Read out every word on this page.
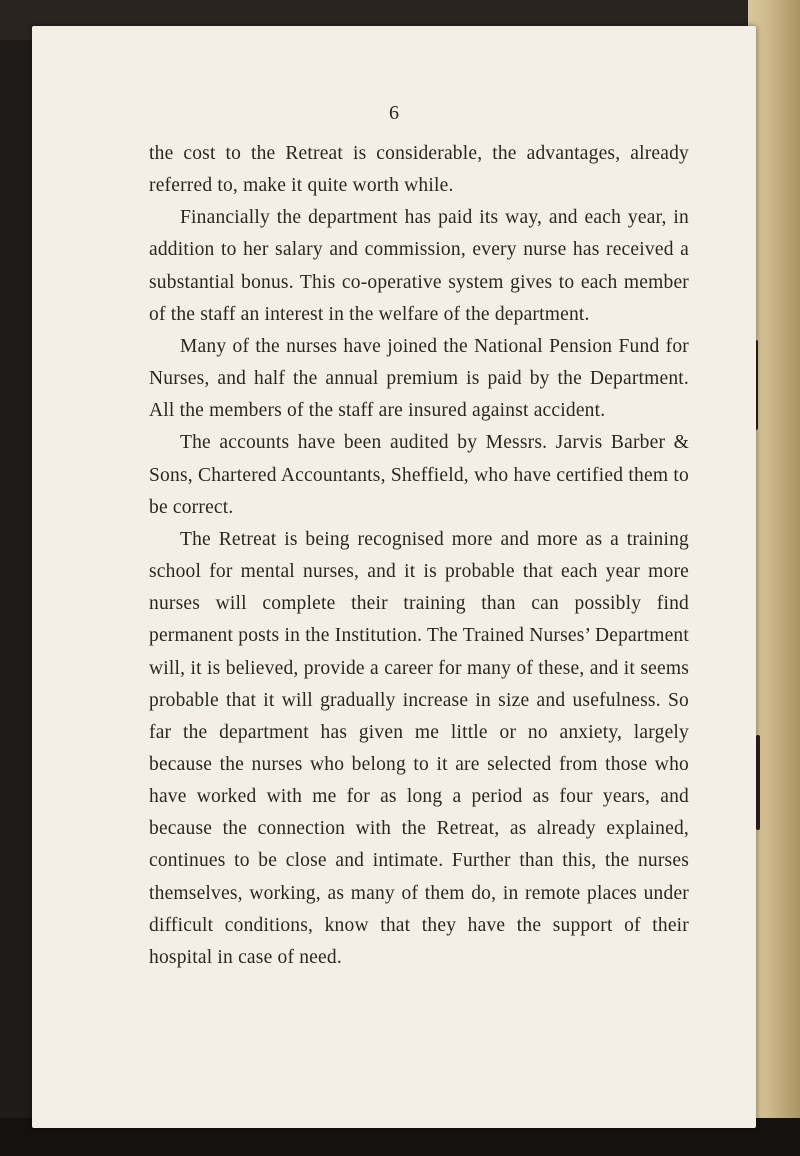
6

the cost to the Retreat is considerable, the advantages, already referred to, make it quite worth while.

Financially the department has paid its way, and each year, in addition to her salary and commission, every nurse has received a substantial bonus. This co-operative system gives to each member of the staff an interest in the welfare of the department.

Many of the nurses have joined the National Pension Fund for Nurses, and half the annual premium is paid by the Department. All the members of the staff are insured against accident.

The accounts have been audited by Messrs. Jarvis Barber & Sons, Chartered Accountants, Sheffield, who have certified them to be correct.

The Retreat is being recognised more and more as a training school for mental nurses, and it is probable that each year more nurses will complete their training than can possibly find permanent posts in the Institution. The Trained Nurses’ Department will, it is believed, provide a career for many of these, and it seems probable that it will gradually increase in size and usefulness. So far the department has given me little or no anxiety, largely because the nurses who belong to it are selected from those who have worked with me for as long a period as four years, and because the connection with the Retreat, as already explained, continues to be close and intimate. Further than this, the nurses themselves, working, as many of them do, in remote places under difficult conditions, know that they have the support of their hospital in case of need.
